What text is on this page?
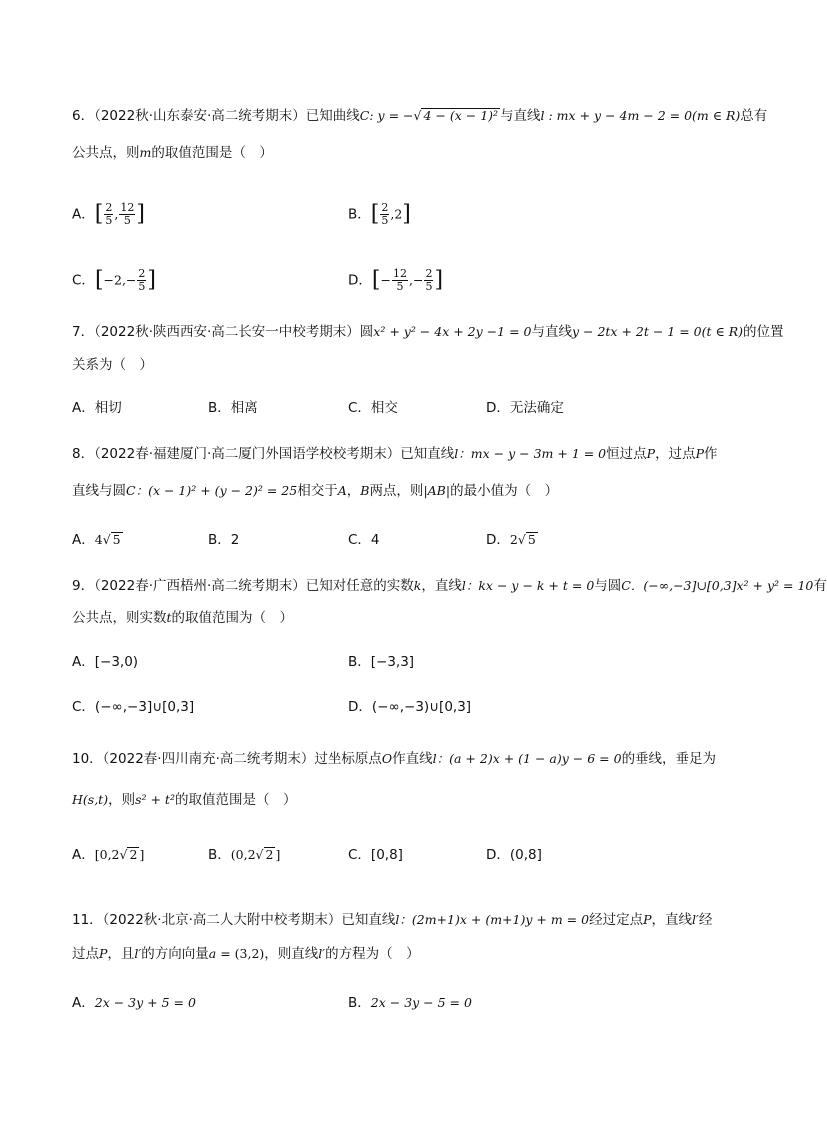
6．（2022秋·山东泰安·高二统考期末）已知曲线C: y = −√ 4 − (x − 1)² 与直线l : mx + y − 4m − 2 = 0(m ∈ R)总有
公共点，则m的取值范围是（　）
A．[ $\frac{2}{5}$ , $\frac{12}{5}$ ]	B．[ $\frac{2}{5} ,2$]
C．[$-2,- \frac{2}{5}$ ]	D．[− $\frac{12}{5}$ ,− $\frac{2}{5}$ ]
7．（2022秋·陕西西安·高二长安一中校考期末）圆x² + y² − 4x + 2y −1 = 0与直线y − 2tx + 2t − 1 = 0(t ∈ R)的位置
关系为（　）
A．相切	B．相离	C．相交	D．无法确定
8．（2022春·福建厦门·高二厦门外国语学校校考期末）已知直线l：mx − y − 3m + 1 = 0恒过点P，过点P作
直线与圆C：(x − 1)² + (y − 2)² = 25相交于A，B两点，则|AB|的最小值为（　）
A．4√ 5	B．2	C．4	D．2√ 5
9．（2022春·广西梧州·高二统考期末）已知对任意的实数k，直线l：kx − y − k + t = 0与圆C．(−∞,−3]∪[0,3]x² + y² = 10有
公共点，则实数t的取值范围为（　）
A．[−3,0)	B．[−3,3]
C．(−∞,−3]∪[0,3]	D．(−∞,−3)∪[0,3]
10．（2022春·四川南充·高二统考期末）过坐标原点O作直线l：(a + 2)x + (1 − a)y − 6 = 0的垂线，垂足为
H(s,t)，则s² + t²的取值范围是（　）
A．[0,2√ 2 ]	B．(0,2√ 2 ]	C．[0,8]	D．(0,8]
11．（2022秋·北京·高二人大附中校考期末）已知直线l：(2m+1)x + (m+1)y + m = 0经过定点P，直线l′经
过点P，且l′的方向向量a = (3,2)，则直线l′的方程为（　）
A．2x − 3y + 5 = 0	B．2x − 3y − 5 = 0
